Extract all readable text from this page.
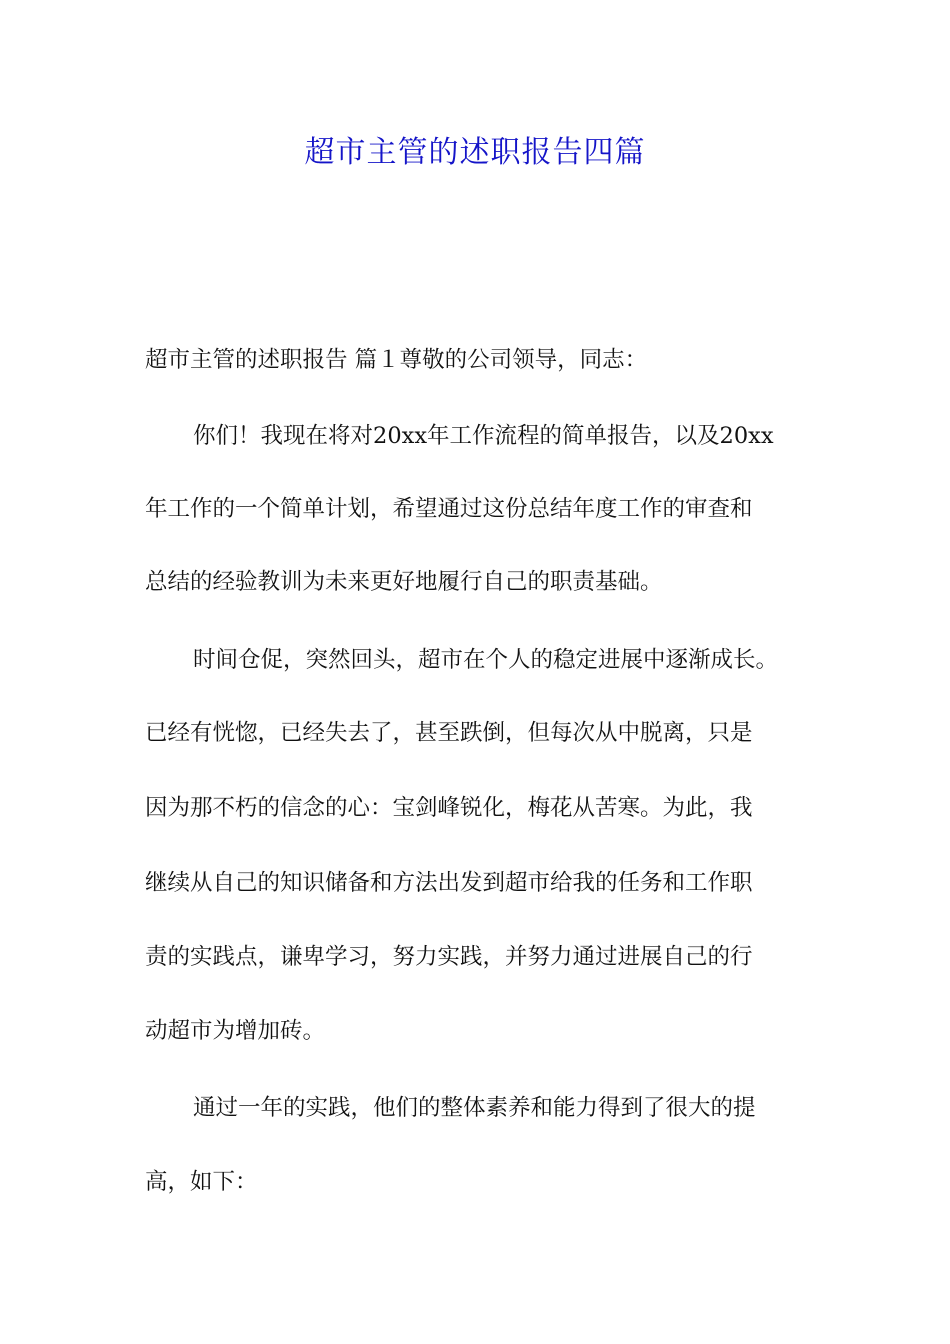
超市主管的述职报告四篇
超市主管的述职报告 篇１尊敬的公司领导，同志：
你们！我现在将对20xx年工作流程的简单报告，以及20xx
年工作的一个简单计划，希望通过这份总结年度工作的审查和
总结的经验教训为未来更好地履行自己的职责基础。
时间仓促，突然回头，超市在个人的稳定进展中逐渐成长。
已经有恍惚，已经失去了，甚至跌倒，但每次从中脱离，只是
因为那不朽的信念的心：宝剑峰锐化，梅花从苦寒。为此，我
继续从自己的知识储备和方法出发到超市给我的任务和工作职
责的实践点，谦卑学习，努力实践，并努力通过进展自己的行
动超市为增加砖。
通过一年的实践，他们的整体素养和能力得到了很大的提
高，如下：
